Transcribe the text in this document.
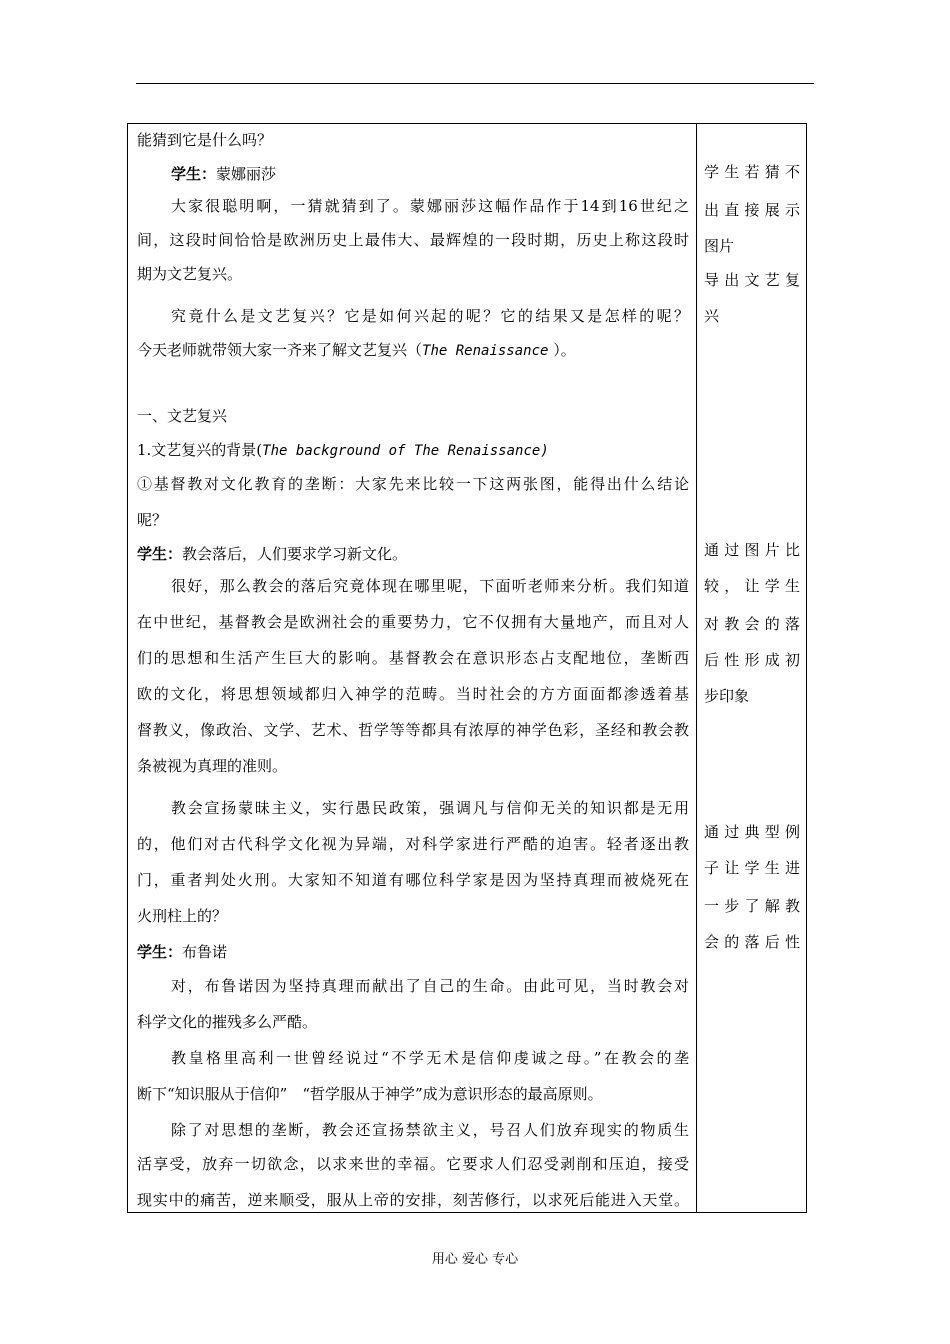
能猜到它是什么吗？
学生：蒙娜丽莎
大家很聪明啊，一猜就猜到了。蒙娜丽莎这幅作品作于14到16世纪之
间，这段时间恰恰是欧洲历史上最伟大、最辉煌的一段时期，历史上称这段时
期为文艺复兴。
究竟什么是文艺复兴？它是如何兴起的呢？它的结果又是怎样的呢？
今天老师就带领大家一齐来了解文艺复兴（The Renaissance ）。
一、文艺复兴
1.文艺复兴的背景(The background of The Renaissance)
①基督教对文化教育的垄断：大家先来比较一下这两张图，能得出什么结论
呢？
学生：教会落后，人们要求学习新文化。
很好，那么教会的落后究竟体现在哪里呢，下面听老师来分析。我们知道
在中世纪，基督教会是欧洲社会的重要势力，它不仅拥有大量地产，而且对人
们的思想和生活产生巨大的影响。基督教会在意识形态占支配地位，垄断西
欧的文化，将思想领域都归入神学的范畴。当时社会的方方面面都渗透着基
督教义，像政治、文学、艺术、哲学等等都具有浓厚的神学色彩，圣经和教会教
条被视为真理的准则。
教会宣扬蒙昧主义，实行愚民政策，强调凡与信仰无关的知识都是无用
的，他们对古代科学文化视为异端，对科学家进行严酷的迫害。轻者逐出教
门，重者判处火刑。大家知不知道有哪位科学家是因为坚持真理而被烧死在
火刑柱上的？
学生：布鲁诺
对，布鲁诺因为坚持真理而献出了自己的生命。由此可见，当时教会对
科学文化的摧残多么严酷。
教皇格里高利一世曾经说过“不学无术是信仰虔诚之母。”在教会的垄
断下“知识服从于信仰”　“哲学服从于神学”成为意识形态的最高原则。
除了对思想的垄断，教会还宣扬禁欲主义，号召人们放弃现实的物质生
活享受，放弃一切欲念，以求来世的幸福。它要求人们忍受剥削和压迫，接受
现实中的痛苦，逆来顺受，服从上帝的安排，刻苦修行，以求死后能进入天堂。
学生若猜不
出直接展示
图片
导出文艺复
兴
通过图片比
较，让学生
对教会的落
后性形成初
步印象
通过典型例
子让学生进
一步了解教
会的落后性
用心 爱心 专心
